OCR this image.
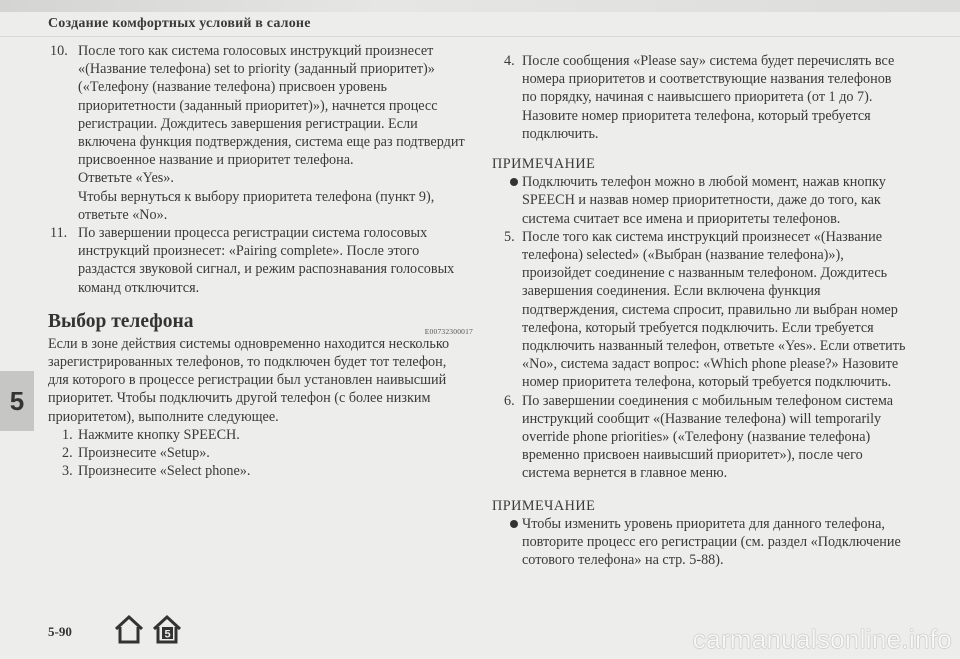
Создание комфортных условий в салоне
10. После того как система голосовых инструкций произнесет

«(Название телефона) set to priority (заданный приоритет)»

(«Телефону (название телефона) присвоен уровень

приоритетности (заданный приоритет)»), начнется процесс

регистрации. Дождитесь завершения регистрации. Если

включена функция подтверждения, система еще раз подтвердит

присвоенное название и приоритет телефона.

Ответьте «Yes».

Чтобы вернуться к выбору приоритета телефона (пункт 9),

ответьте «No».

11. По завершении процесса регистрации система голосовых

инструкций произнесет: «Pairing complete». После этого

раздастся звуковой сигнал, и режим распознавания голосовых

команд отключится.

Выбор телефона	E00732300017

Если в зоне действия системы одновременно находится несколько

зарегистрированных телефонов, то подключен будет тот телефон,

для которого в процессе регистрации был установлен наивысший

приоритет. Чтобы подключить другой телефон (с более низким

приоритетом), выполните следующее.

1. Нажмите кнопку SPEECH.
2. Произнесите «Setup».
3. Произнесите «Select phone».
4. После сообщения «Please say» система будет перечислять все

номера приоритетов и соответствующие названия телефонов

по порядку, начиная с наивысшего приоритета (от 1 до 7).

Назовите номер приоритета телефона, который требуется

подключить.

ПРИМЕЧАНИЕ

Подключить телефон можно в любой момент, нажав кнопку

SPEECH и назвав номер приоритетности, даже до того, как

система считает все имена и приоритеты телефонов.

5. После того как система инструкций произнесет «(Название

телефона) selected» («Выбран (название телефона)»),

произойдет соединение с названным телефоном. Дождитесь

завершения соединения. Если включена функция

подтверждения, система спросит, правильно ли выбран номер

телефона, который требуется подключить. Если требуется

подключить названный телефон, ответьте «Yes». Если ответить

«No», система задаст вопрос: «Which phone please?» Назовите

номер приоритета телефона, который требуется подключить.

6. По завершении соединения с мобильным телефоном система

инструкций сообщит «(Название телефона) will temporarily

override phone priorities» («Телефону (название телефона)

временно присвоен наивысший приоритет»), после чего

система вернется в главное меню.

ПРИМЕЧАНИЕ

Чтобы изменить уровень приоритета для данного телефона,

повторите процесс его регистрации (см. раздел «Подключение

сотового телефона» на стр. 5-88).

5
5-90	5	carmanualsonline.info
